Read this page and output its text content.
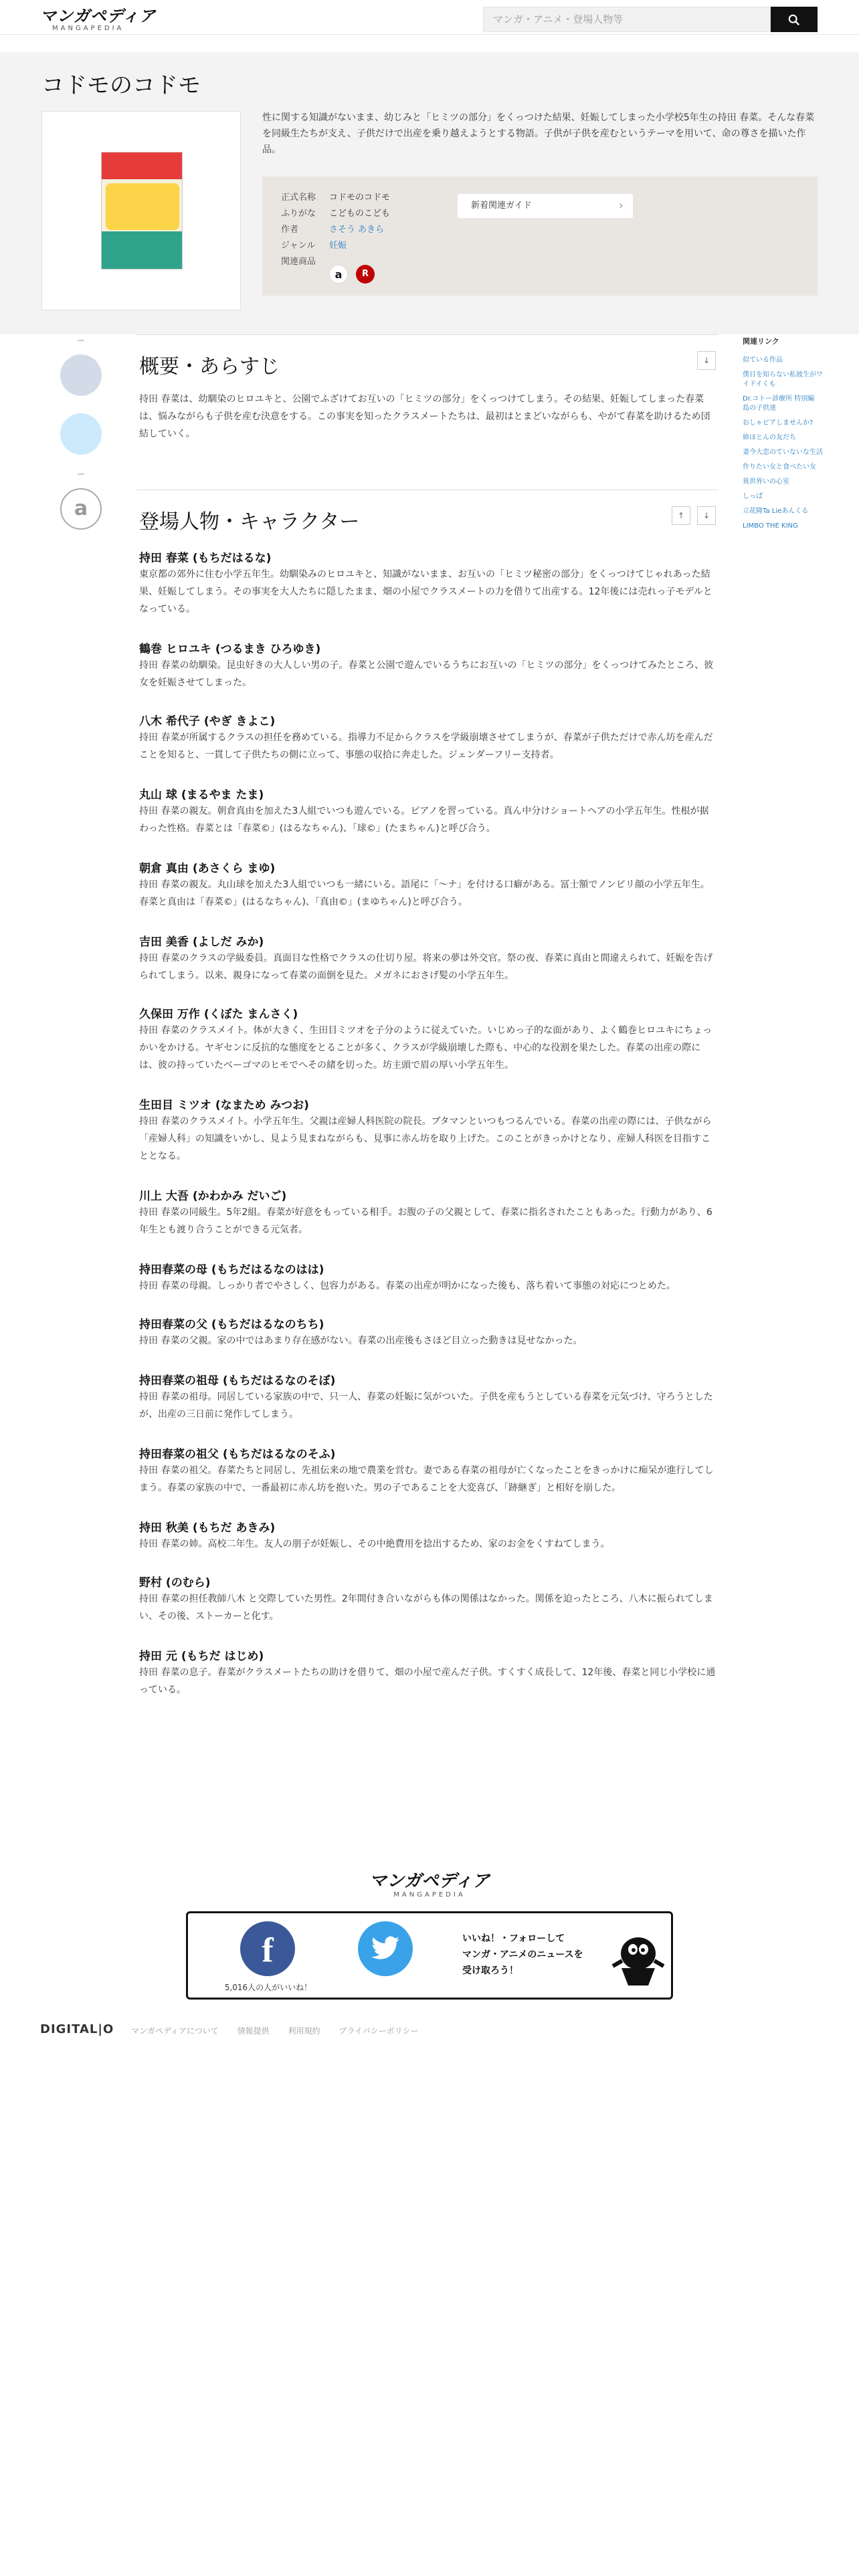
マンガペディア
MANGAPEDIA
マンガ・アニメ・登場人物等
コドモのコドモ

性に関する知識がないまま、幼じみと「ヒミツの部分」をくっつけた結果、妊娠してしまった小学校5年生の持田 春菜。そんな春菜を同級生たちが支え、子供だけで出産を乗り越えようとする物語。子供が子供を産むというテーマを用いて、命の尊さを描いた作品。

正式名称 コドモのコドモ
ふりがな こどものこども
作者	さそう あきら
ジャンル 妊娠
関連商品
a	R
新着関連ガイド	›
a
概要・あらすじ	↓

持田 春菜は、幼馴染のヒロユキと、公園でふざけてお互いの「ヒミツの部分」をくっつけてしまう。その結果、妊娠してしまった春菜は、悩みながらも子供を産む決意をする。この事実を知ったクラスメートたちは、最初はとまどいながらも、やがて春菜を助けるため団結していく。

登場人物・キャラクター	↑	↓
持田 春菜 (もちだはるな)

東京都の郊外に住む小学五年生。幼馴染みのヒロユキと、知識がないまま、お互いの「ヒミツ秘密の部分」をくっつけてじゃれあった結果、妊娠してしまう。その事実を大人たちに隠したまま、畑の小屋でクラスメートの力を借りて出産する。12年後には売れっ子モデルとなっている。

鶴巻 ヒロユキ (つるまき ひろゆき)

持田 春菜の幼馴染。昆虫好きの大人しい男の子。春菜と公園で遊んでいるうちにお互いの「ヒミツの部分」をくっつけてみたところ、彼女を妊娠させてしまった。

八木 希代子 (やぎ きよこ)

持田 春菜が所属するクラスの担任を務めている。指導力不足からクラスを学級崩壊させてしまうが、春菜が子供ただけで赤ん坊を産んだことを知ると、一貫して子供たちの側に立って、事態の収拾に奔走した。ジェンダーフリー支持者。

丸山 球 (まるやま たま)

持田 春菜の親友。朝倉真由を加えた3人組でいつも遊んでいる。ピアノを習っている。真ん中分けショートヘアの小学五年生。性根が据わった性格。春菜とは「春菜©」(はるなちゃん)、「球©」(たまちゃん)と呼び合う。

朝倉 真由 (あさくら まゆ)

持田 春菜の親友。丸山球を加えた3人組でいつも一緒にいる。語尾に「〜ナ」を付ける口癖がある。冨士額でノンビリ顔の小学五年生。春菜と真由は「春菜©」(はるなちゃん)、「真由©」(まゆちゃん)と呼び合う。

吉田 美香 (よしだ みか)

持田 春菜のクラスの学級委員。真面目な性格でクラスの仕切り屋。将来の夢は外交官。祭の夜、春菜に真由と間違えられて、妊娠を告げられてしまう。以来、親身になって春菜の面倒を見た。メガネにおさげ髪の小学五年生。

久保田 万作 (くぼた まんさく)

持田 春菜のクラスメイト。体が大きく、生田目ミツオを子分のように従えていた。いじめっ子的な面があり、よく鶴巻ヒロユキにちょっかいをかける。ヤギセンに反抗的な態度をとることが多く、クラスが学級崩壊した際も、中心的な役割を果たした。春菜の出産の際には、彼の持っていたベーゴマのヒモでへその緒を切った。坊主頭で眉の厚い小学五年生。

生田目 ミツオ (なまため みつお)

持田 春菜のクラスメイト。小学五年生。父親は産婦人科医院の院長。ブタマンといつもつるんでいる。春菜の出産の際には、子供ながら「産婦人科」の知識をいかし、見よう見まねながらも、見事に赤ん坊を取り上げた。このことがきっかけとなり、産婦人科医を目指すこととなる。

川上 大吾 (かわかみ だいご)

持田 春菜の同級生。5年2組。春菜が好意をもっている相手。お腹の子の父親として、春菜に指名されたこともあった。行動力があり、6年生とも渡り合うことができる元気者。

持田春菜の母 (もちだはるなのはは)

持田 春菜の母親。しっかり者でやさしく、包容力がある。春菜の出産が明かになった後も、落ち着いて事態の対応につとめた。

持田春菜の父 (もちだはるなのちち)

持田 春菜の父親。家の中ではあまり存在感がない。春菜の出産後もさほど目立った動きは見せなかった。

持田春菜の祖母 (もちだはるなのそぼ)

持田 春菜の祖母。同居している家族の中で、只一人、春菜の妊娠に気がついた。子供を産もうとしている春菜を元気づけ、守ろうとしたが、出産の三日前に発作してしまう。

持田春菜の祖父 (もちだはるなのそふ)

持田 春菜の祖父。春菜たちと同居し、先祖伝来の地で農業を営む。妻である春菜の祖母が亡くなったことをきっかけに痴呆が進行してしまう。春菜の家族の中で、一番最初に赤ん坊を抱いた。男の子であることを大変喜び、「跡継ぎ」と相好を崩した。

持田 秋美 (もちだ あきみ)

持田 春菜の姉。高校二年生。友人の朋子が妊娠し、その中絶費用を捻出するため、家のお金をくすねてしまう。

野村 (のむら)

持田 春菜の担任教師八木 と交際していた男性。2年間付き合いながらも体の関係はなかった。関係を迫ったところ、八木に振られてしまい、その後、ストーカーと化す。

持田 元 (もちだ はじめ)

持田 春菜の息子。春菜がクラスメートたちの助けを借りて、畑の小屋で産んだ子供。すくすく成長して、12年後、春菜と同じ小学校に通っている。

関連リンク
似ている作品
僕目を知らない私彼生がワイドイくも
Dr.コトー診療所 特別編 島の子供達
おしゃピアしませんか?
姉ほとんの友だち
妻今大恋のていないな生活
作りたい女と食べたい女
異世界いの心室
しっぱ
立花隆Ta Lieあんくる
LIMBO THE KING
マンガペディア
MANGAPEDIA
f
5,016人の人がいいね！
いいね！・フォローして
マンガ・アニメのニュースを
受け取ろう！
DIGITAL|O マンガペディアについて 情報提供 利用規約 プライバシーポリシー
